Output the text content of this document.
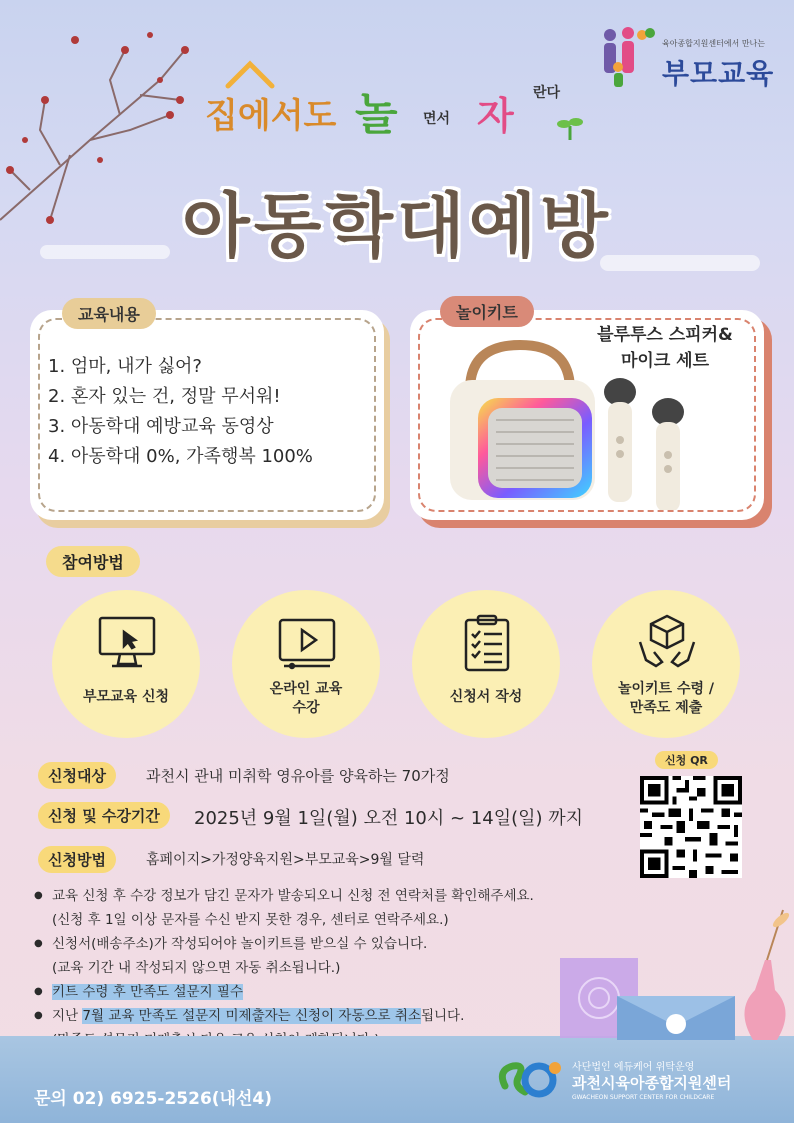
육아종합지원센터에서 만나는
부모교육
집에서도 놀 면서 자
란다
아동학대예방
교육내용
1. 엄마, 내가 싫어?
2. 혼자 있는 건, 정말 무서워!
3. 아동학대 예방교육 동영상
4. 아동학대 0%, 가족행복 100%
놀이키트
블루투스 스피커&
마이크 세트
참여방법
부모교육 신청	온라인 교육
수강
신청서 작성	놀이키트 수령 /
만족도 제출
신청대상	과천시 관내 미취학 영유아를 양육하는 70가정
신청 및 수강기간	2025년 9월 1일(월) 오전 10시 ~ 14일(일) 까지
신청방법	홈페이지>가정양육지원>부모교육>9월 달력
신청 QR
● 교육 신청 후 수강 정보가 담긴 문자가 발송되오니 신청 전 연락처를 확인해주세요.
(신청 후 1일 이상 문자를 수신 받지 못한 경우, 센터로 연락주세요.)
● 신청서(배송주소)가 작성되어야 놀이키트를 받으실 수 있습니다.
(교육 기간 내 작성되지 않으면 자동 취소됩니다.)
● 키트 수령 후 만족도 설문지 필수
● 지난 7월 교육 만족도 설문지 미제출자는 신청이 자동으로 취소됩니다.
문의 02) 6925-2526(내선4)
사단법인 에듀케어 위탁운영
과천시육아종합지원센터
GWACHEON SUPPORT CENTER FOR CHILDCARE
